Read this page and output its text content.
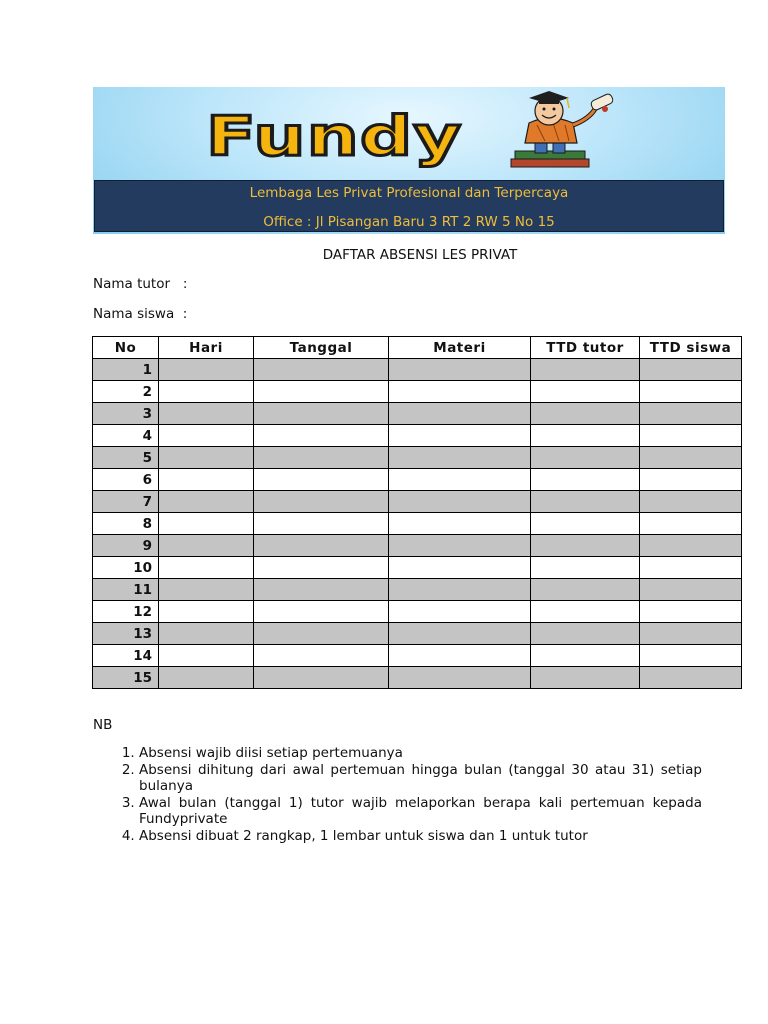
Fundy
Lembaga Les Privat Profesional dan Terpercaya
Office : Jl Pisangan Baru 3 RT 2 RW 5 No 15
DAFTAR ABSENSI LES PRIVAT
Nama tutor   :
Nama siswa  :
No	Hari	Tanggal	Materi	TTD tutor	TTD siswa
1					
2					
3					
4					
5					
6					
7					
8					
9					
10					
11					
12					
13					
14					
15					
NB
1. Absensi wajib diisi setiap pertemuanya
2. Absensi dihitung dari awal pertemuan hingga bulan (tanggal 30 atau 31) setiap bulanya
3. Awal bulan (tanggal 1) tutor wajib melaporkan berapa kali pertemuan kepada Fundyprivate
4. Absensi dibuat 2 rangkap, 1 lembar untuk siswa dan 1 untuk tutor
